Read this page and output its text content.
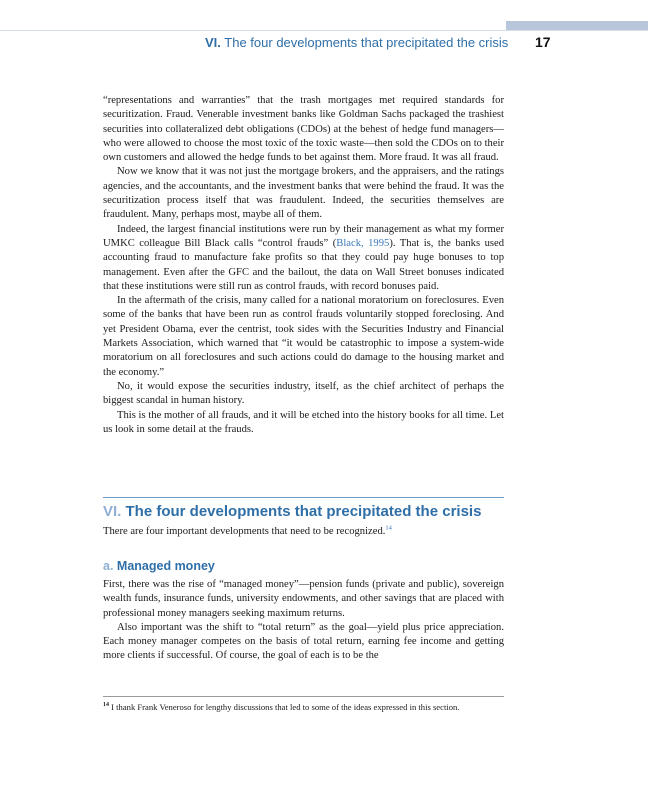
VI. The four developments that precipitated the crisis 17

“representations and warranties” that the trash mortgages met required standards for securitization. Fraud. Venerable investment banks like Goldman Sachs packaged the trashiest securities into collateralized debt obligations (CDOs) at the behest of hedge fund managers—who were allowed to choose the most toxic of the toxic waste—then sold the CDOs on to their own customers and allowed the hedge funds to bet against them. More fraud. It was all fraud.

Now we know that it was not just the mortgage brokers, and the appraisers, and the ratings agencies, and the accountants, and the investment banks that were behind the fraud. It was the securitization process itself that was fraudulent. Indeed, the securities themselves are fraudulent. Many, perhaps most, maybe all of them.

Indeed, the largest financial institutions were run by their management as what my former UMKC colleague Bill Black calls “control frauds” (Black, 1995). That is, the banks used accounting fraud to manufacture fake profits so that they could pay huge bonuses to top management. Even after the GFC and the bailout, the data on Wall Street bonuses indicated that these institutions were still run as control frauds, with record bonuses paid.

In the aftermath of the crisis, many called for a national moratorium on foreclosures. Even some of the banks that have been run as control frauds voluntarily stopped foreclosing. And yet President Obama, ever the centrist, took sides with the Securities Industry and Financial Markets Association, which warned that “it would be catastrophic to impose a system-wide moratorium on all foreclosures and such actions could do damage to the housing market and the economy.”

No, it would expose the securities industry, itself, as the chief architect of perhaps the biggest scandal in human history.

This is the mother of all frauds, and it will be etched into the history books for all time. Let us look in some detail at the frauds.

VI. The four developments that precipitated the crisis

There are four important developments that need to be recognized.$^{14}$

a. Managed money

First, there was the rise of “managed money”—pension funds (private and public), sovereign wealth funds, insurance funds, university endowments, and other savings that are placed with professional money managers seeking maximum returns.

Also important was the shift to “total return” as the goal—yield plus price appreciation. Each money manager competes on the basis of total return, earning fee income and getting more clients if successful. Of course, the goal of each is to be the

$^{14}$ I thank Frank Veneroso for lengthy discussions that led to some of the ideas expressed in this section.
